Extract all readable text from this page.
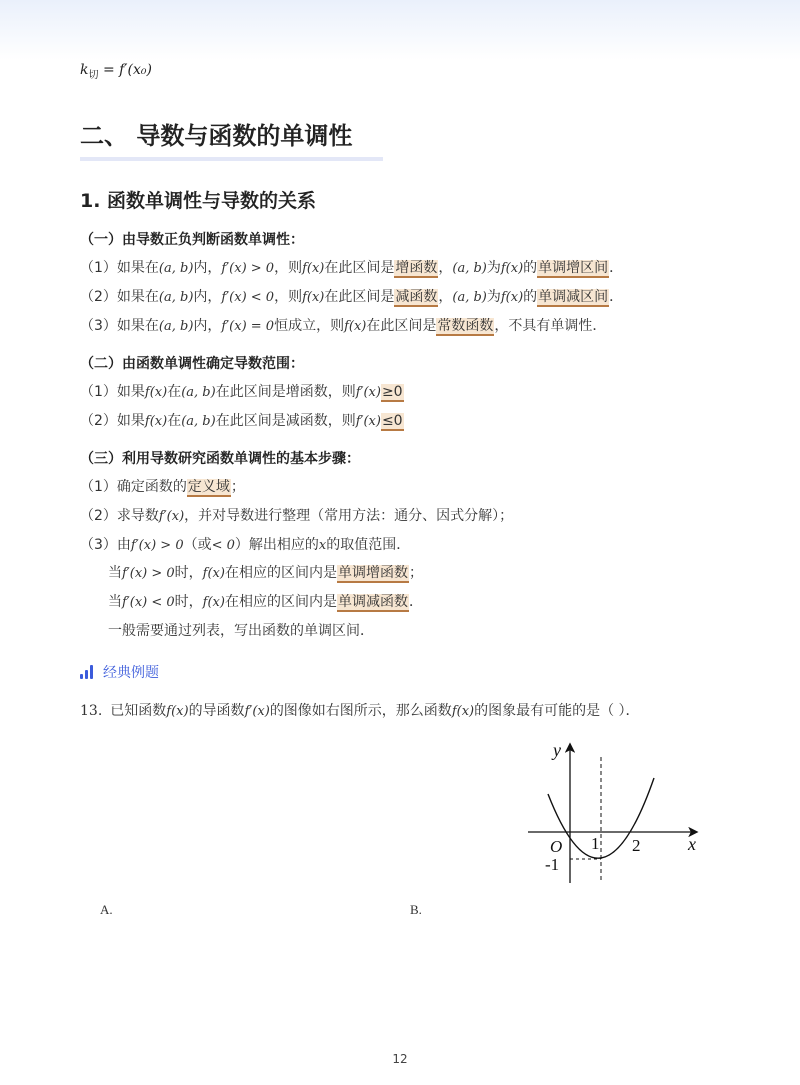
$k_切 = f'(x_0)$
二、 导数与函数的单调性
1. 函数单调性与导数的关系
（一）由导数正负判断函数单调性：
（1）如果在(a, b)内，f′(x) > 0，则f(x)在此区间是增函数，(a, b)为f(x)的单调增区间．
（2）如果在(a, b)内，f′(x) < 0，则f(x)在此区间是减函数，(a, b)为f(x)的单调减区间．
（3）如果在(a, b)内，f′(x) = 0恒成立，则f(x)在此区间是常数函数，不具有单调性．
（二）由函数单调性确定导数范围：
（1）如果f(x)在(a, b)在此区间是增函数，则f′(x)≥0
（2）如果f(x)在(a, b)在此区间是减函数，则f′(x)≤0
（三）利用导数研究函数单调性的基本步骤：
（1）确定函数的定义域；
（2）求导数f′(x)，并对导数进行整理（常用方法：通分、因式分解）；
（3）由f′(x) > 0（或< 0）解出相应的x的取值范围．
当f′(x) > 0时，f(x)在相应的区间内是单调增函数；
当f′(x) < 0时，f(x)在相应的区间内是单调减函数．
一般需要通过列表，写出函数的单调区间．
经典例题
13. 已知函数f(x)的导函数f′(x)的图像如右图所示，那么函数f(x)的图象最有可能的是（ ）．
y
x
O 1 2
-1
A.	B.
12
